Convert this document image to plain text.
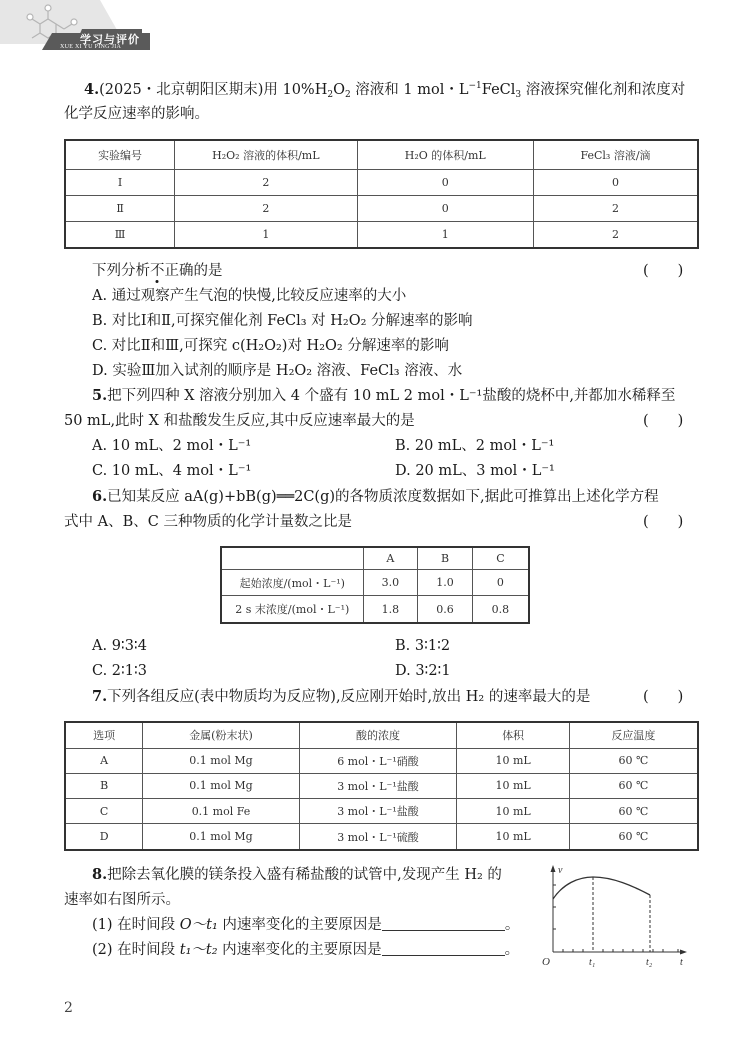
学习与评价
XUE XI YU PING JIA
4.(2025・北京朝阳区期末)用 $10\%H_2O_2$ 溶液和 1 mol・$L^{-1}FeCl_3$ 溶液探究催化剂和浓度对
化学反应速率的影响。
实验编号	H₂O₂ 溶液的体积/mL	H₂O 的体积/mL	FeCl₃ 溶液/滴
Ⅰ	2	0	0
Ⅱ	2	0	2
Ⅲ	1	1	2
下列分析不正确的是	(　　)
A. 通过观察产生气泡的快慢,比较反应速率的大小
B. 对比Ⅰ和Ⅱ,可探究催化剂 FeCl₃ 对 H₂O₂ 分解速率的影响
C. 对比Ⅱ和Ⅲ,可探究 c(H₂O₂)对 H₂O₂ 分解速率的影响
D. 实验Ⅲ加入试剂的顺序是 H₂O₂ 溶液、FeCl₃ 溶液、水
5.把下列四种 X 溶液分别加入 4 个盛有 10 mL 2 mol・L⁻¹盐酸的烧杯中,并都加水稀释至
50 mL,此时 X 和盐酸发生反应,其中反应速率最大的是	(　　)
A. 10 mL、2 mol・L⁻¹	B. 20 mL、2 mol・L⁻¹
C. 10 mL、4 mol・L⁻¹	D. 20 mL、3 mol・L⁻¹
6.已知某反应 aA(g)+bB(g)══2C(g)的各物质浓度数据如下,据此可推算出上述化学方程
式中 A、B、C 三种物质的化学计量数之比是	(　　)
	A	B	C
起始浓度/(mol・L⁻¹)	3.0	1.0	0
2 s 末浓度/(mol・L⁻¹)	1.8	0.6	0.8
A. 9∶3∶4	B. 3∶1∶2
C. 2∶1∶3	D. 3∶2∶1
7.下列各组反应(表中物质均为反应物),反应刚开始时,放出 H₂ 的速率最大的是	(　　)
选项	金属(粉末状)	酸的浓度	体积	反应温度
A	0.1 mol Mg	6 mol・L⁻¹硝酸	10 mL	60 ℃
B	0.1 mol Mg	3 mol・L⁻¹盐酸	10 mL	60 ℃
C	0.1 mol Fe	3 mol・L⁻¹盐酸	10 mL	60 ℃
D	0.1 mol Mg	3 mol・L⁻¹硫酸	10 mL	60 ℃
8.把除去氧化膜的镁条投入盛有稀盐酸的试管中,发现产生 H₂ 的
速率如右图所示。
(1) 在时间段 O～t₁ 内速率变化的主要原因是	。
(2) 在时间段 t₁～t₂ 内速率变化的主要原因是	。
v
O	t₁	t₂	t
2
